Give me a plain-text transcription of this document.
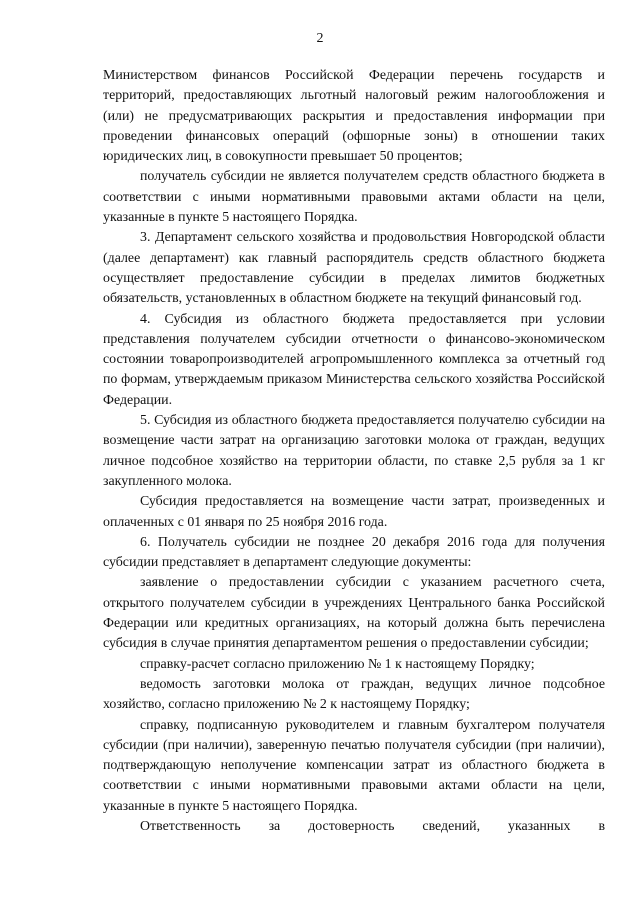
2

Министерством финансов Российской Федерации перечень государств и территорий, предоставляющих льготный налоговый режим налогообложения и (или) не предусматривающих раскрытия и предоставления информации при проведении финансовых операций (офшорные зоны) в отношении таких юридических лиц, в совокупности превышает 50 процентов;

получатель субсидии не является получателем средств областного бюджета в соответствии с иными нормативными правовыми актами области на цели, указанные в пункте 5 настоящего Порядка.

3. Департамент сельского хозяйства и продовольствия Новгородской области (далее департамент) как главный распорядитель средств областного бюджета осуществляет предоставление субсидии в пределах лимитов бюджетных обязательств, установленных в областном бюджете на текущий финансовый год.

4. Субсидия из областного бюджета предоставляется при условии представления получателем субсидии отчетности о финансово-экономическом состоянии товаропроизводителей агропромышленного комплекса за отчетный год по формам, утверждаемым приказом Министерства сельского хозяйства Российской Федерации.

5. Субсидия из областного бюджета предоставляется получателю субсидии на возмещение части затрат на организацию заготовки молока от граждан, ведущих личное подсобное хозяйство на территории области, по ставке 2,5 рубля за 1 кг закупленного молока.

Субсидия предоставляется на возмещение части затрат, произведенных и оплаченных с 01 января по 25 ноября 2016 года.

6. Получатель субсидии не позднее 20 декабря 2016 года для получения субсидии представляет в департамент следующие документы:

заявление о предоставлении субсидии с указанием расчетного счета, открытого получателем субсидии в учреждениях Центрального банка Российской Федерации или кредитных организациях, на который должна быть перечислена субсидия в случае принятия департаментом решения о предоставлении субсидии;

справку-расчет согласно приложению № 1 к настоящему Порядку;

ведомость заготовки молока от граждан, ведущих личное подсобное хозяйство, согласно приложению № 2 к настоящему Порядку;

справку, подписанную руководителем и главным бухгалтером получателя субсидии (при наличии), заверенную печатью получателя субсидии (при наличии), подтверждающую неполучение компенсации затрат из областного бюджета в соответствии с иными нормативными правовыми актами области на цели, указанные в пункте 5 настоящего Порядка.

Ответственность за достоверность сведений, указанных в
